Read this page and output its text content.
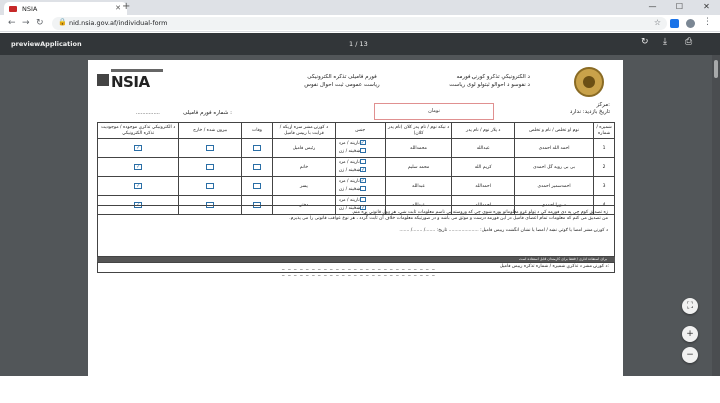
NSIA	✕ +	—	☐	✕
← → ↻ 🔒 nid.nsia.gov.af/individual-form	☆	⋮
previewApplication	1 / 13	↻ ⤓ ⎙
NSIA	فورم فامیلی تذکره الکترونیکی
ریاست عمومی ثبت احوال نفوس
د الکترونیکي تذکرو کورنۍ فورمه
د نفوسو د احوالو ثبتولو لوی ریاست
مرکز:
تاریخ بازدید: ندارد
نومان
...............	شماره فورم فامیلی :
شمېره / شماره	نوم او تخلص / نام و تخلص	د پلار نوم / نام پدر	د نیکه نوم / نام پدر کلان (نام پدر کلان)	جنس	د کورنۍ مشر سره اړیکه / قرابت با رییس فامیل	وفات	بیرون شده / خارج	د الکترونیکي تذکرې موجوده / موجودیت تذکره الکترونیکي
1	احمد الله احمدی	عبدالله	محمدالله	✓نارینه / مرد
ښځینه / زن	رئیس فامیل			✓
2	بی بی رویه گل احمدی	کریم الله	محمد سلیم	نارینه / مرد
✓ښځینه / زن	خانم			✓
3	احمدسمیر احمدی	احمدالله	عبدالله	✓نارینه / مرد
ښځینه / زن	پسر			✓
4	صبورا احمدی	احمدالله	عبدالله	نارینه / مرد
✓ښځینه / زن	دختر			✓
زه تصدیق کوم چې په دی فورمه کې د ټولو غړو معلوماتو پوره شوي چې که وروسته یې ناسم معلومات ثابت شي، هر ډول قانوني پړه منم.
من تصدیق می کنم که معلومات تمام اعضای فامیل در این فورمه درست و موثق می باشد و در صورتیکه معلومات خلاف آن ثابت گردد ، هر نوع عواقب قانونی را می پذیرم.
د کورنۍ مشر امضا یا ګوتې نښه / امضا یا نشان انگشت رییس فامیل: ..................... تاریخ: ......./ ......./ .......
برای استفاده اداری / فقط برای کارمندان قابل استفاده است
د کورنۍ مشر د تذکرې شمېره / شماره تذکره رییس فامیل:
_ _ _ _
_ _ _ _
_ _ _ _
_ _ _ _
_ _ _ _
_ _ _ _
_ _ _ _
_ _ _ _
_ _ _ _
_ _ _ _
_ _ _ _
_ _ _ _
_ _ _ _
⛶
+
−
